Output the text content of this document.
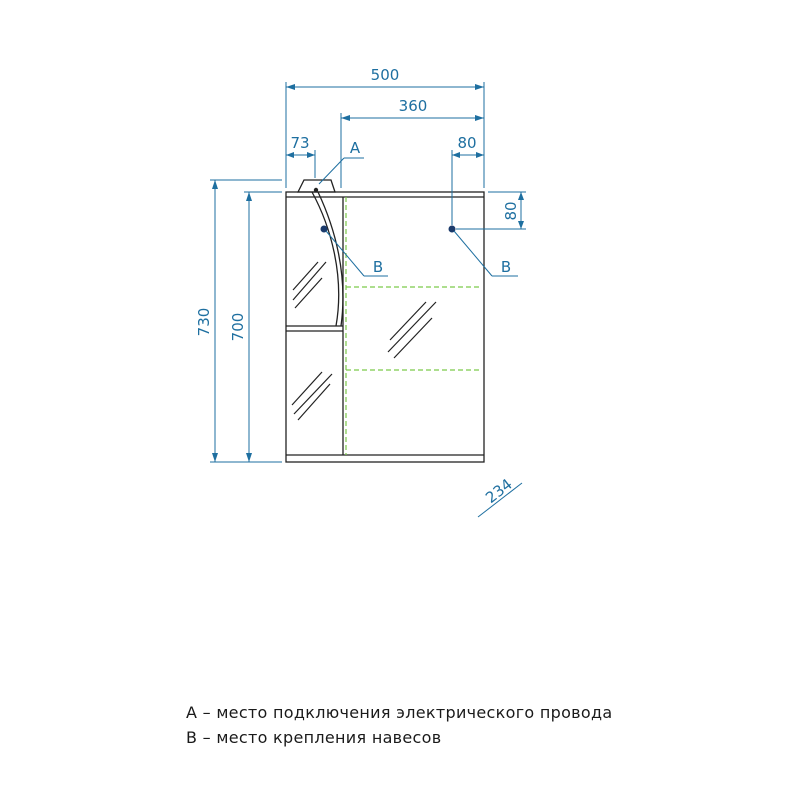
500
360
73	80
80
730 700
234
A
B	B
A – место подключения электрического провода
B – место крепления навесов
